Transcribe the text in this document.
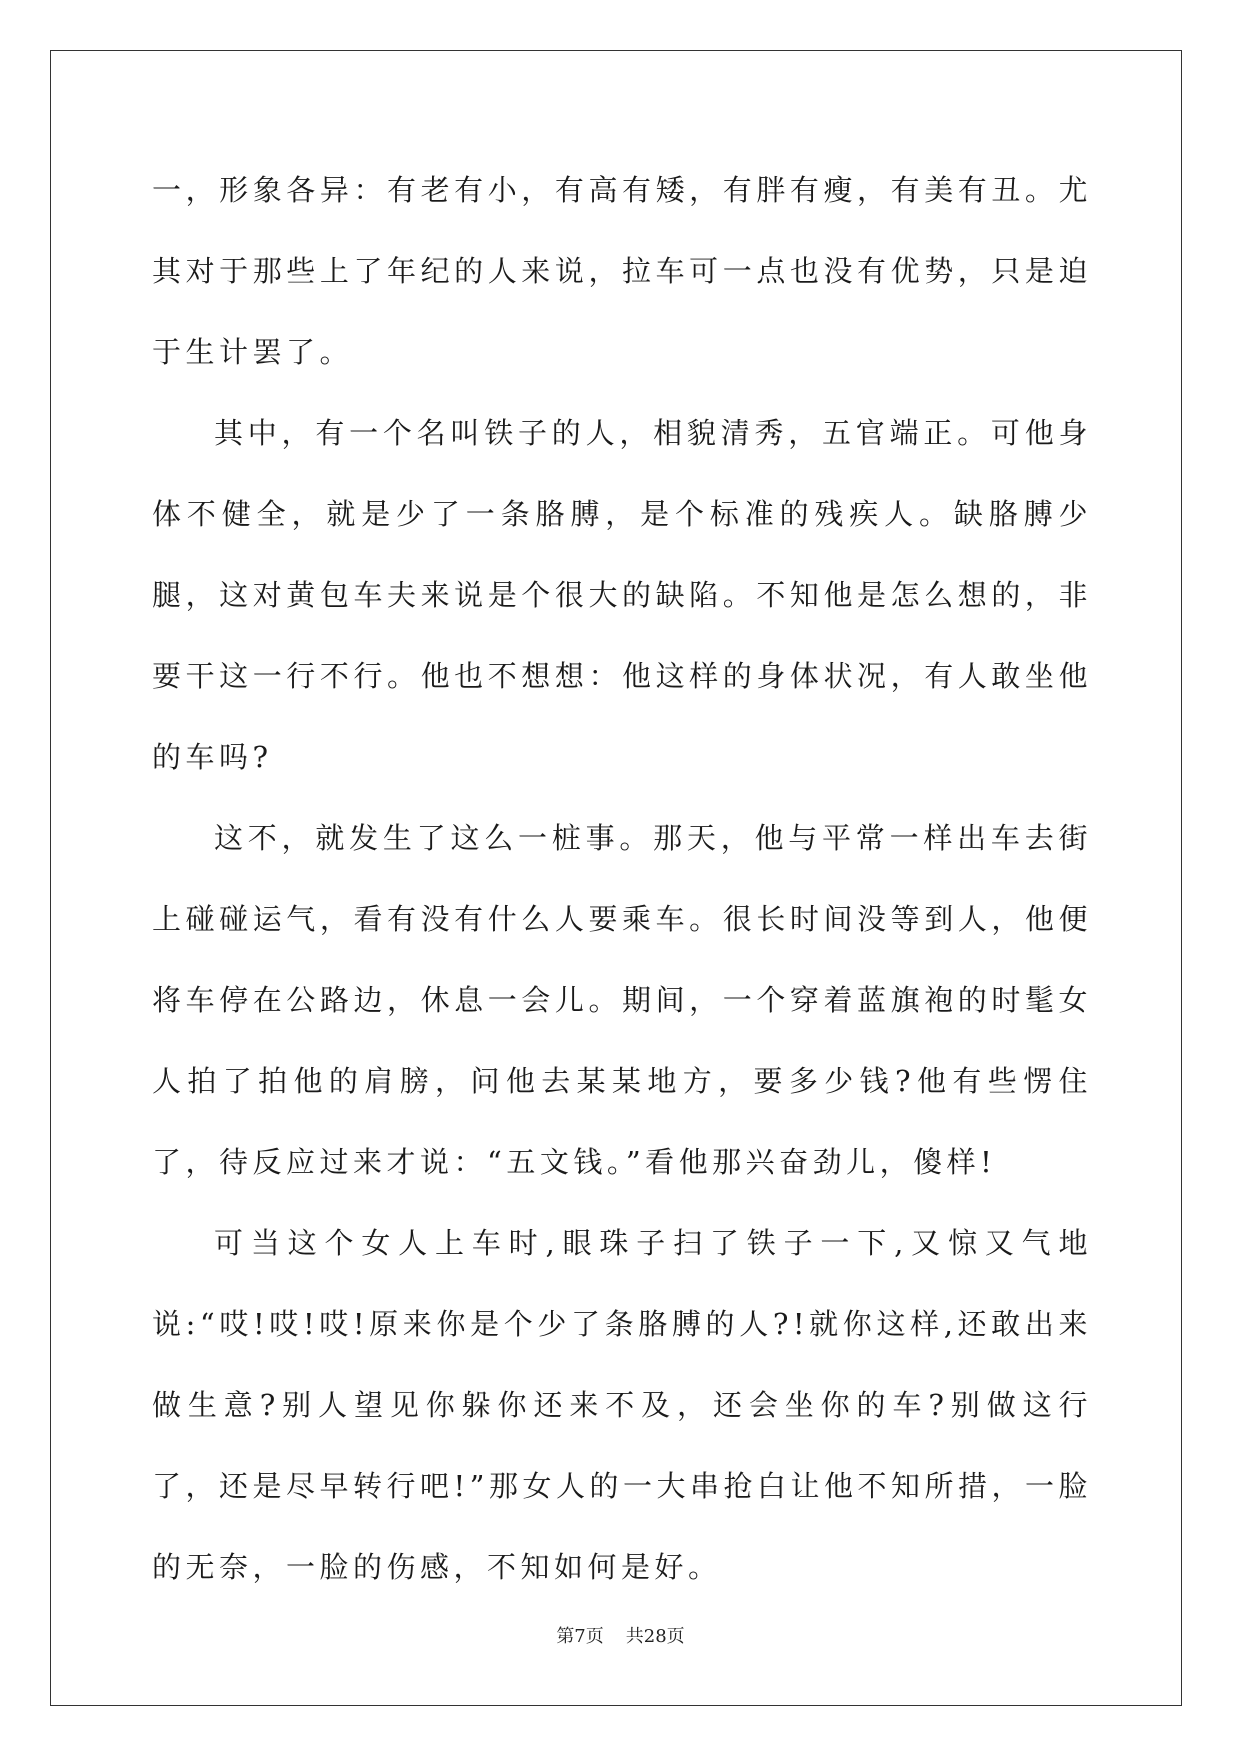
一，形象各异：有老有小，有高有矮，有胖有瘦，有美有丑。尤其对于那些上了年纪的人来说，拉车可一点也没有优势，只是迫于生计罢了。

其中，有一个名叫铁子的人，相貌清秀，五官端正。可他身体不健全，就是少了一条胳膊，是个标准的残疾人。缺胳膊少腿，这对黄包车夫来说是个很大的缺陷。不知他是怎么想的，非要干这一行不行。他也不想想：他这样的身体状况，有人敢坐他的车吗?

这不，就发生了这么一桩事。那天，他与平常一样出车去街上碰碰运气，看有没有什么人要乘车。很长时间没等到人，他便将车停在公路边，休息一会儿。期间，一个穿着蓝旗袍的时髦女人拍了拍他的肩膀，问他去某某地方，要多少钱?他有些愣住了，待反应过来才说：“五文钱。”看他那兴奋劲儿，傻样!

可当这个女人上车时,眼珠子扫了铁子一下,又惊又气地说:“哎!哎!哎!原来你是个少了条胳膊的人?!就你这样,还敢出来做生意?别人望见你躲你还来不及，还会坐你的车?别做这行了，还是尽早转行吧!”那女人的一大串抢白让他不知所措，一脸的无奈，一脸的伤感，不知如何是好。

第7页 共28页
